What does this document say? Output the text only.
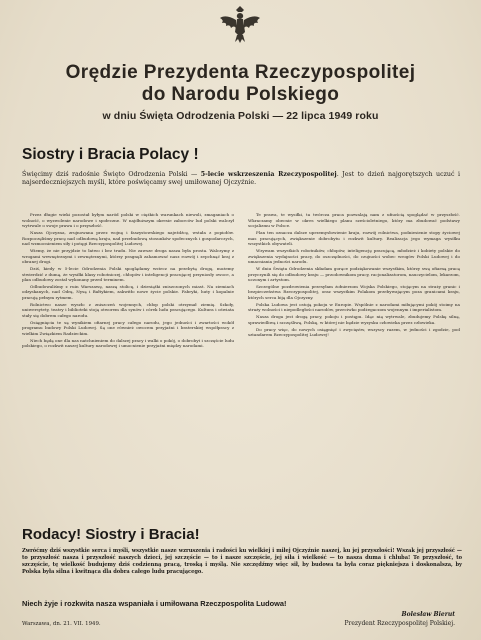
Orędzie Prezydenta Rzeczypospolitej
do Narodu Polskiego
w dniu Święta Odrodzenia Polski — 22 lipca 1949 roku
Siostry i Bracia Polacy !
Święcimy dziś radośnie Święto Odrodzenia Polski — 5-lecie wskrzeszenia Rzeczypospolitej. Jest to dzień najgorętszych uczuć i najserdeczniejszych myśli, które poświęcamy swej umiłowanej Ojczyźnie.

Przez długie wieki pozostał byłym naród polski w ciężkich warunkach niewoli, zmaganiach o wolność, o wyzwolenie narodowe i społeczne. W najdłuższym okresie zaborców lud polski walczył wytrwale o swoje prawa i o przyszłość.

Nasza Ojczyzna, zrujnowana przez wojnę i faszystowskiego najeźdźcę, wstała z popiołów. Rozpoczęliśmy pracę nad odbudową kraju, nad przebudową stosunków społecznych i gospodarczych, nad wzmocnieniem siły i potęgi Rzeczypospolitej Ludowej.

Wiemy, że nie przyjdzie to łatwo i bez trudu. Nie zawsze droga nasza była prosta. Walczymy z wrogami wewnętrznymi i zewnętrznymi, którzy pragnęli zahamować nasz rozwój i zepchnąć kraj z obranej drogi.

Dziś, kiedy w 5-lecie Odrodzenia Polski spoglądamy wstecz na przebytą drogę, możemy stwierdzić z dumą, że wysiłki klasy robotniczej, chłopów i inteligencji pracującej przyniosły owoce, a plan odbudowy został wykonany przed terminem.

Odbudowaliśmy z ruin Warszawę, naszą stolicę, i dziesiątki zniszczonych miast. Na ziemiach odzyskanych, nad Odrą, Nysą i Bałtykiem, zakwitło nowe życie polskie. Fabryki, huty i kopalnie pracują pełnym rytmem.

Rolnictwo nasze wyszło z zniszczeń wojennych, chłop polski otrzymał ziemię. Szkoły, uniwersytety, teatry i biblioteki stoją otworem dla synów i córek ludu pracującego. Kultura i oświata stały się dobrem całego narodu.

Osiągnięcia te są wynikiem ofiarnej pracy całego narodu, jego jedności i zwartości wokół programu budowy Polski Ludowej. Są one również owocem przyjaźni i braterskiej współpracy z wielkim Związkiem Radzieckim.

Niech będą one dla nas natchnieniem do dalszej pracy i walki o pokój, o dobrobyt i szczęście ludu polskiego, o rozkwit naszej kultury narodowej i umocnienie przyjaźni między narodami.

Te prawa, te wysiłki, ta twórcza praca pozwalają nam z ufnością spoglądać w przyszłość. Wkraczamy obecnie w okres wielkiego planu sześcioletniego, który ma zbudować podstawy socjalizmu w Polsce.

Plan ten oznacza dalsze uprzemysłowienie kraju, rozwój rolnictwa, podniesienie stopy życiowej mas pracujących, zwiększenie dobrobytu i rozkwit kultury. Realizacja jego wymaga wysiłku wszystkich obywateli.

Wzywam wszystkich robotników, chłopów, inteligencję pracującą, młodzież i kobiety polskie do zwiększenia wydajności pracy, do oszczędności, do czujności wobec wrogów Polski Ludowej i do umacniania jedności narodu.

W dniu Święta Odrodzenia składam gorące podziękowanie wszystkim, którzy swą ofiarną pracą przyczynili się do odbudowy kraju — przodownikom pracy, racjonalizatorom, nauczycielom, lekarzom, uczonym i artystom.

Szczególne pozdrowienia przesyłam żołnierzom Wojska Polskiego, stojącym na straży granic i bezpieczeństwa Rzeczypospolitej, oraz wszystkim Polakom przebywającym poza granicami kraju, których serca biją dla Ojczyzny.

Polska Ludowa jest ostoją pokoju w Europie. Wspólnie z narodami miłującymi pokój stoimy na straży wolności i niepodległości narodów, przeciwko podżegaczom wojennym i imperialistom.

Nasza droga jest drogą pracy, pokoju i postępu. Idąc nią wytrwale, zbudujemy Polskę silną, sprawiedliwą i szczęśliwą, Polskę, w której nie będzie wyzysku człowieka przez człowieka.

Do pracy więc, do nowych osiągnięć i zwycięstw, wszyscy razem, w jedności i zgodzie, pod sztandarem Rzeczypospolitej Ludowej!

Rodacy! Siostry i Bracia!
Zwróćmy dziś wszystkie serca i myśli, wszystkie nasze wzruszenia i radości ku wielkiej i miłej Ojczyźnie naszej, ku jej przyszłości! Wszak jej przyszłość — to przyszłość nasza i przyszłość naszych dzieci, jej szczęście — to i nasze szczęście, jej siła i wielkość — to nasza duma i chluba! Te przyszłość, to szczęście, tę wielkość budujemy dziś codzienną pracą, troską i myślą. Nie szczędźmy więc sił, by budowa ta była coraz piękniejsza i doskonalsza, by Polska była silna i kwitnąca dla dobra całego ludu pracującego.
Niech żyje i rozkwita nasza wspaniała i umiłowana Rzeczpospolita Ludowa!
Warszawa, dn. 21. VII. 1949.
Bolesław Bierut
Prezydent Rzeczypospolitej Polskiej.
